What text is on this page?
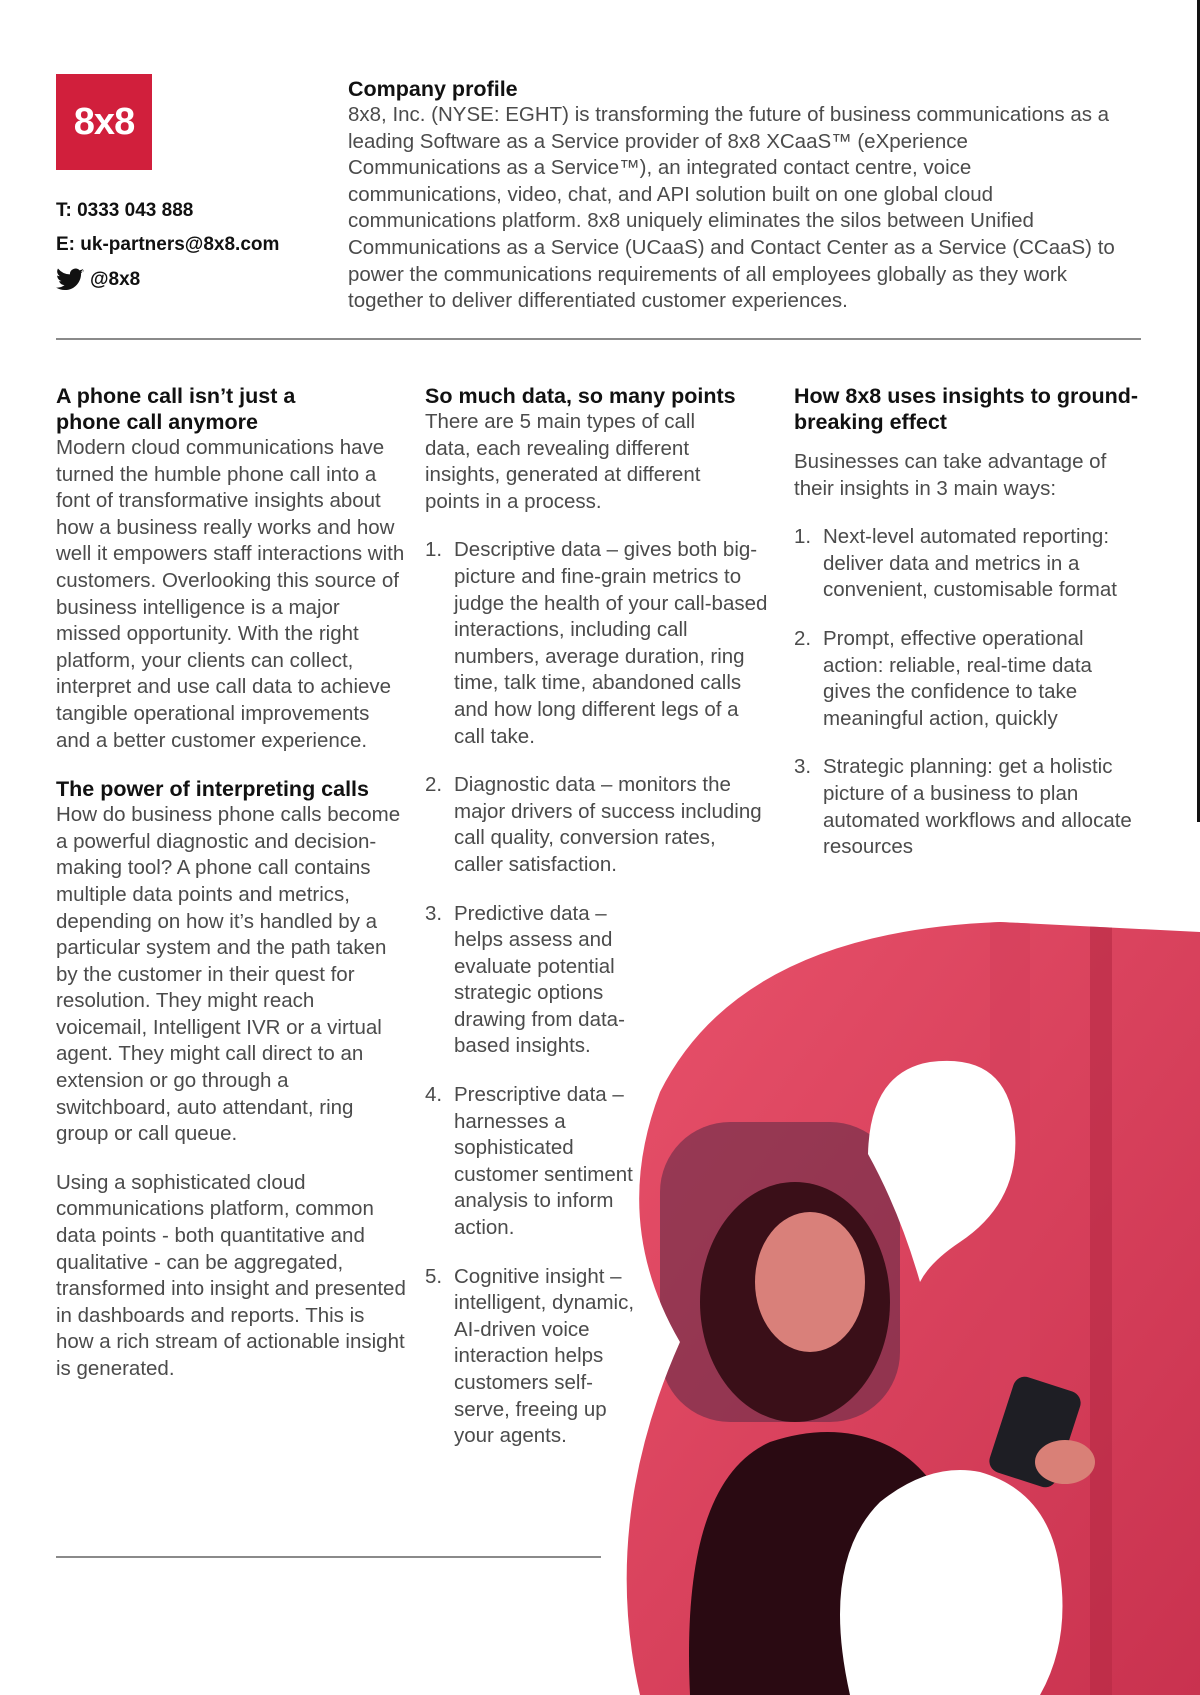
8x8
T: 0333 043 888
E: uk-partners@8x8.com
@8x8

Company profile

8x8, Inc. (NYSE: EGHT) is transforming the future of business communications as a leading Software as a Service provider of 8x8 XCaaS™ (eXperience Communications as a Service™), an integrated contact centre, voice communications, video, chat, and API solution built on one global cloud communications platform. 8x8 uniquely eliminates the silos between Unified Communications as a Service (UCaaS) and Contact Center as a Service (CCaaS) to power the communications requirements of all employees globally as they work together to deliver differentiated customer experiences.

A phone call isn’t just a phone call anymore

Modern cloud communications have turned the humble phone call into a font of transformative insights about how a business really works and how well it empowers staff interactions with customers. Overlooking this source of business intelligence is a major missed opportunity. With the right platform, your clients can collect, interpret and use call data to achieve tangible operational improvements and a better customer experience.

The power of interpreting calls

How do business phone calls become a powerful diagnostic and decision-making tool? A phone call contains multiple data points and metrics, depending on how it’s handled by a particular system and the path taken by the customer in their quest for resolution. They might reach voicemail, Intelligent IVR or a virtual agent. They might call direct to an extension or go through a switchboard, auto attendant, ring group or call queue.

Using a sophisticated cloud communications platform, common data points - both quantitative and qualitative - can be aggregated, transformed into insight and presented in dashboards and reports. This is how a rich stream of actionable insight is generated.

So much data, so many points

There are 5 main types of call data, each revealing different insights, generated at different points in a process.

1. Descriptive data – gives both big-picture and fine-grain metrics to judge the health of your call-based interactions, including call numbers, average duration, ring time, talk time, abandoned calls and how long different legs of a call take.
2. Diagnostic data – monitors the major drivers of success including call quality, conversion rates, caller satisfaction.
3. Predictive data – helps assess and evaluate potential strategic options drawing from data-based insights.
4. Prescriptive data – harnesses a sophisticated customer sentiment analysis to inform action.
5. Cognitive insight – intelligent, dynamic, AI-driven voice interaction helps customers self-serve, freeing up your agents.

How 8x8 uses insights to ground-breaking effect

Businesses can take advantage of their insights in 3 main ways:

1. Next-level automated reporting: deliver data and metrics in a convenient, customisable format
2. Prompt, effective operational action: reliable, real-time data gives the confidence to take meaningful action, quickly
3. Strategic planning: get a holistic picture of a business to plan automated workflows and allocate resources
